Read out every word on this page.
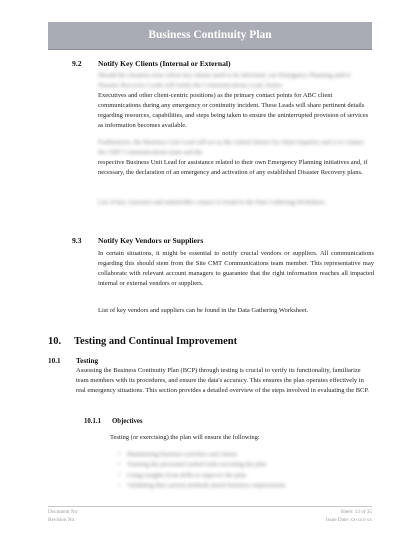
Business Continuity Plan
9.2 Notify Key Clients (Internal or External)
Should the situation arise where key clients need to be informed, our Emergency Planning and/or Disaster Recovery Leads will notify the Communications Lead, Senior
Executives and other client-centric positions) as the primary contact points for ABC client communications during any emergency or continuity incident. These Leads will share pertinent details regarding resources, capabilities, and steps being taken to ensure the uninterrupted provision of services as information becomes available.
Furthermore, the Business Unit Lead will act as the central liaison for client inquiries and is to contact the CMT Communications team and the
respective Business Unit Lead for assistance related to their own Emergency Planning initiatives and, if necessary, the declaration of an emergency and activation of any established Disaster Recovery plans.
List of key customer and stakeholder contact is found in the Data Gathering Worksheet.
9.3 Notify Key Vendors or Suppliers
In certain situations, it might be essential to notify crucial vendors or suppliers. All communications regarding this should stem from the Site CMT Communications team member. This representative may collaborate with relevant account managers to guarantee that the right information reaches all impacted internal or external vendors or suppliers.
List of key vendors and suppliers can be found in the Data Gathering Worksheet.
10. Testing and Continual Improvement
10.1 Testing
Assessing the Business Continuity Plan (BCP) through testing is crucial to verify its functionality, familiarize team members with its procedures, and ensure the data's accuracy. This ensures the plan operates effectively in real emergency situations. This section provides a detailed overview of the steps involved in evaluating the BCP.
10.1.1 Objectives
Testing (or exercising) the plan will ensure the following:
• Maintaining business activities and clients
• Training the personnel tasked with executing the plan
• Using insights from drills to improve the plan
• Validating that current methods match business requirements
Document No:
Revision No:
Sheet: 13 of 35
Issue Date: xx-xxx-xx
